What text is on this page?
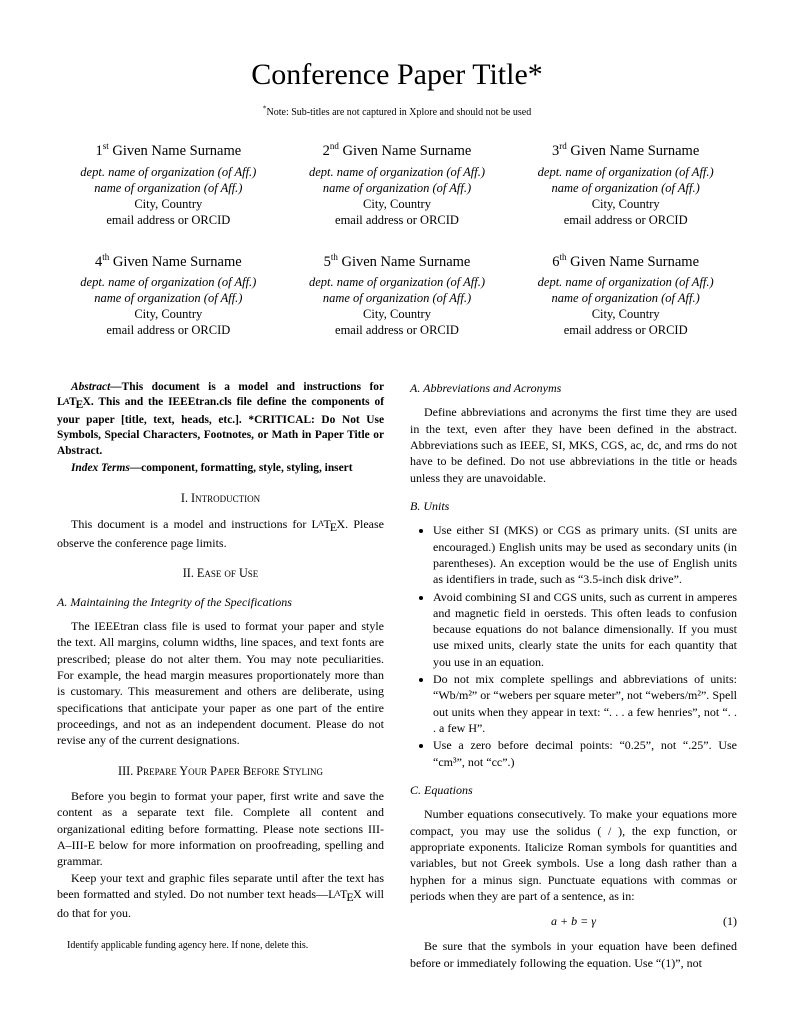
Conference Paper Title*
*Note: Sub-titles are not captured in Xplore and should not be used
1st Given Name Surname
dept. name of organization (of Aff.)
name of organization (of Aff.)
City, Country
email address or ORCID
2nd Given Name Surname
dept. name of organization (of Aff.)
name of organization (of Aff.)
City, Country
email address or ORCID
3rd Given Name Surname
dept. name of organization (of Aff.)
name of organization (of Aff.)
City, Country
email address or ORCID
4th Given Name Surname
dept. name of organization (of Aff.)
name of organization (of Aff.)
City, Country
email address or ORCID
5th Given Name Surname
dept. name of organization (of Aff.)
name of organization (of Aff.)
City, Country
email address or ORCID
6th Given Name Surname
dept. name of organization (of Aff.)
name of organization (of Aff.)
City, Country
email address or ORCID

Abstract—This document is a model and instructions for LATEX. This and the IEEEtran.cls file define the components of your paper [title, text, heads, etc.]. *CRITICAL: Do Not Use Symbols, Special Characters, Footnotes, or Math in Paper Title or Abstract.

Index Terms—component, formatting, style, styling, insert

I. Introduction

This document is a model and instructions for LATEX. Please observe the conference page limits.

II. Ease of Use
A. Maintaining the Integrity of the Specifications

The IEEEtran class file is used to format your paper and style the text. All margins, column widths, line spaces, and text fonts are prescribed; please do not alter them. You may note peculiarities. For example, the head margin measures proportionately more than is customary. This measurement and others are deliberate, using specifications that anticipate your paper as one part of the entire proceedings, and not as an independent document. Please do not revise any of the current designations.

III. Prepare Your Paper Before Styling

Before you begin to format your paper, first write and save the content as a separate text file. Complete all content and organizational editing before formatting. Please note sections III-A–III-E below for more information on proofreading, spelling and grammar.

Keep your text and graphic files separate until after the text has been formatted and styled. Do not number text heads—LATEX will do that for you.

Identify applicable funding agency here. If none, delete this.

A. Abbreviations and Acronyms

Define abbreviations and acronyms the first time they are used in the text, even after they have been defined in the abstract. Abbreviations such as IEEE, SI, MKS, CGS, ac, dc, and rms do not have to be defined. Do not use abbreviations in the title or heads unless they are unavoidable.

B. Units
• Use either SI (MKS) or CGS as primary units. (SI units are encouraged.) English units may be used as secondary units (in parentheses). An exception would be the use of English units as identifiers in trade, such as “3.5-inch disk drive”.
• Avoid combining SI and CGS units, such as current in amperes and magnetic field in oersteds. This often leads to confusion because equations do not balance dimensionally. If you must use mixed units, clearly state the units for each quantity that you use in an equation.
• Do not mix complete spellings and abbreviations of units: “Wb/m²” or “webers per square meter”, not “webers/m²”. Spell out units when they appear in text: “. . . a few henries”, not “. . . a few H”.
• Use a zero before decimal points: “0.25”, not “.25”. Use “cm³”, not “cc”.)
C. Equations

Number equations consecutively. To make your equations more compact, you may use the solidus ( / ), the exp function, or appropriate exponents. Italicize Roman symbols for quantities and variables, but not Greek symbols. Use a long dash rather than a hyphen for a minus sign. Punctuate equations with commas or periods when they are part of a sentence, as in:

a + b = γ	(1)

Be sure that the symbols in your equation have been defined before or immediately following the equation. Use “(1)”, not
